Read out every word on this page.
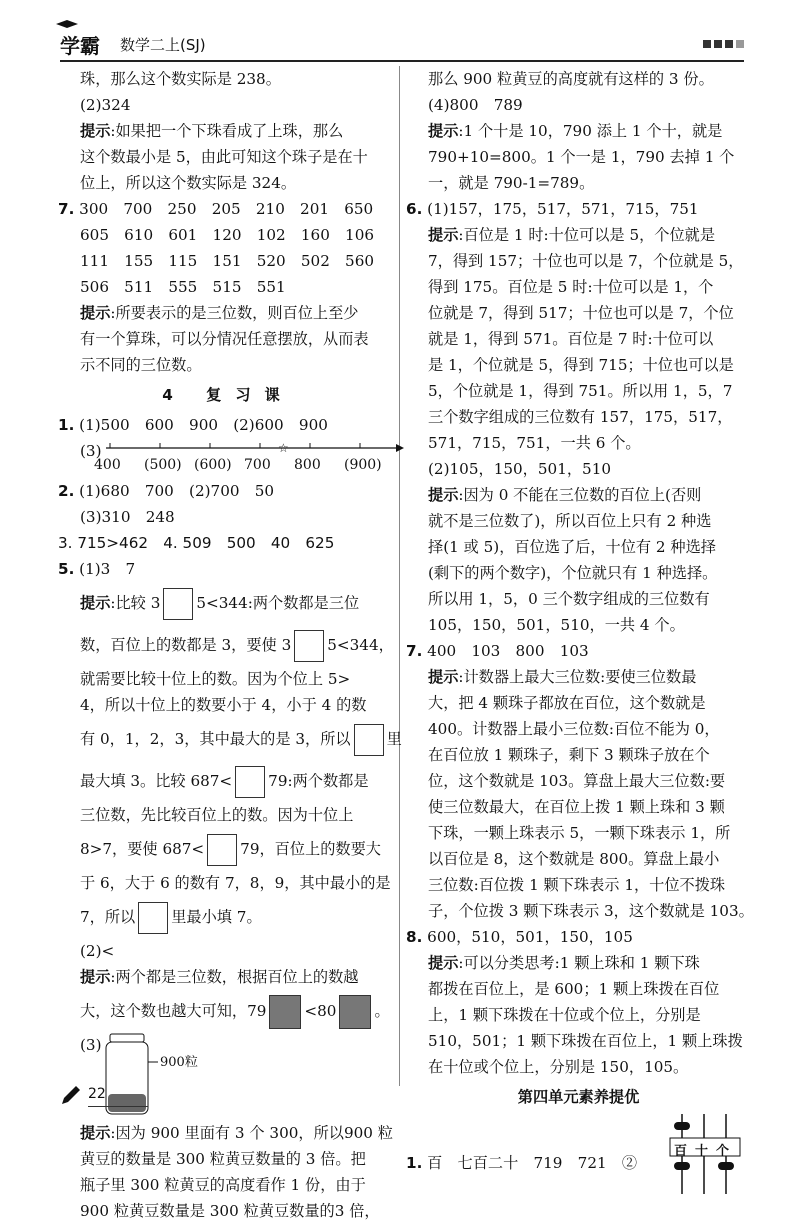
学霸 数学二上(SJ)
珠，那么这个数实际是 238。
(2)324
提示:如果把一个下珠看成了上珠，那么
这个数最小是 5，由此可知这个珠子是在十
位上，所以这个数实际是 324。
7. 300　700　250　205　210　201　650
605　610　601　120　102　160　106
111　155　115　151　520　502　560
506　511　555　515　551
提示:所要表示的是三位数，则百位上至少
有一个算珠，可以分情况任意摆放，从而表
示不同的三位数。
4 复习课
1. (1)500　600　900　(2)600　900
(3)	☆
400 (500) (600) 700 800 (900)
2. (1)680　700　(2)700　50
(3)310　248
3. 715>462　4. 509　500　40　625
5. (1)3　7
提示:比较 3 5<344:两个数都是三位
数，百位上的数都是 3，要使 3 5<344，
就需要比较十位上的数。因为个位上 5>
4，所以十位上的数要小于 4，小于 4 的数
有 0，1，2，3，其中最大的是 3，所以 里
最大填 3。比较 687< 79:两个数都是
三位数，先比较百位上的数。因为十位上
8>7，要使 687< 79，百位上的数要大
于 6，大于 6 的数有 7，8，9，其中最小的是
7，所以 里最小填 7。
(2)<
提示:两个都是三位数，根据百位上的数越
大，这个数也越大可知，79	<80	。
(3)
900粒
提示:因为 900 里面有 3 个 300，所以900 粒
黄豆的数量是 300 粒黄豆数量的 3 倍。把
瓶子里 300 粒黄豆的高度看作 1 份，由于
900 粒黄豆数量是 300 粒黄豆数量的3 倍，
那么 900 粒黄豆的高度就有这样的 3 份。
(4)800　789
提示:1 个十是 10，790 添上 1 个十，就是
790+10=800。1 个一是 1，790 去掉 1 个
一，就是 790-1=789。
6. (1)157，175，517，571，715，751
提示:百位是 1 时:十位可以是 5，个位就是
7，得到 157；十位也可以是 7，个位就是 5，
得到 175。百位是 5 时:十位可以是 1，个
位就是 7，得到 517；十位也可以是 7，个位
就是 1，得到 571。百位是 7 时:十位可以
是 1，个位就是 5，得到 715；十位也可以是
5，个位就是 1，得到 751。所以用 1，5，7
三个数字组成的三位数有 157，175，517，
571，715，751，一共 6 个。
(2)105，150，501，510
提示:因为 0 不能在三位数的百位上(否则
就不是三位数了)，所以百位上只有 2 种选
择(1 或 5)，百位选了后，十位有 2 种选择
(剩下的两个数字)，个位就只有 1 种选择。
所以用 1，5，0 三个数字组成的三位数有
105，150，501，510，一共 4 个。
7. 400　103　800　103
提示:计数器上最大三位数:要使三位数最
大，把 4 颗珠子都放在百位，这个数就是
400。计数器上最小三位数:百位不能为 0，
在百位放 1 颗珠子，剩下 3 颗珠子放在个
位，这个数就是 103。算盘上最大三位数:要
使三位数最大，在百位上拨 1 颗上珠和 3 颗
下珠，一颗上珠表示 5，一颗下珠表示 1，所
以百位是 8，这个数就是 800。算盘上最小
三位数:百位拨 1 颗下珠表示 1，十位不拨珠
子，个位拨 3 颗下珠表示 3，这个数就是 103。
8. 600，510，501，150，105
提示:可以分类思考:1 颗上珠和 1 颗下珠
都拨在百位上，是 600；1 颗上珠拨在百位
上，1 颗下珠拨在十位或个位上，分别是
510，501；1 颗下珠拨在百位上，1 颗上珠拨
在十位或个位上，分别是 150，105。
第四单元素养提优
1. 百　七百二十　719　721　②
百 十 个
22
